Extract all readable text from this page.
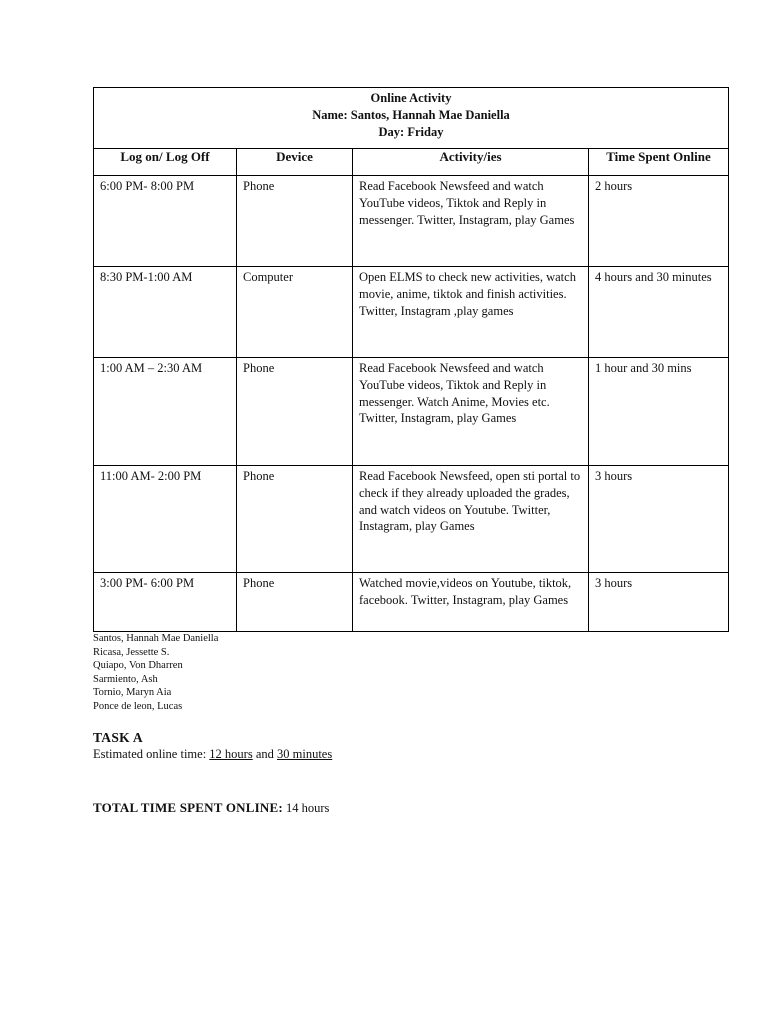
Online Activity
Name: Santos, Hannah Mae Daniella
Day: Friday			

Log on/ Log Off	Device	Activity/ies	Time Spent Online

6:00 PM- 8:00 PM	Phone	Read Facebook Newsfeed and watch YouTube videos, Tiktok and Reply in messenger. Twitter, Instagram, play Games	2 hours

8:30 PM-1:00 AM	Computer	Open ELMS to check new activities, watch movie, anime, tiktok and finish activities. Twitter, Instagram ,play games	4 hours and 30 minutes

1:00 AM – 2:30 AM	Phone	Read Facebook Newsfeed and watch YouTube videos, Tiktok and Reply in messenger. Watch Anime, Movies etc. Twitter, Instagram, play Games	1 hour and 30 mins

11:00 AM- 2:00 PM	Phone	Read Facebook Newsfeed, open sti portal to check if they already uploaded the grades, and watch videos on Youtube. Twitter, Instagram, play Games	3 hours

3:00 PM- 6:00 PM	Phone	Watched movie,videos on Youtube, tiktok, facebook. Twitter, Instagram, play Games	3 hours
Santos, Hannah Mae Daniella
Ricasa, Jessette S.
Quiapo, Von Dharren
Sarmiento, Ash
Tornio, Maryn Aia
Ponce de leon, Lucas
TASK A
Estimated online time: 12 hours and 30 minutes
TOTAL TIME SPENT ONLINE: 14 hours
